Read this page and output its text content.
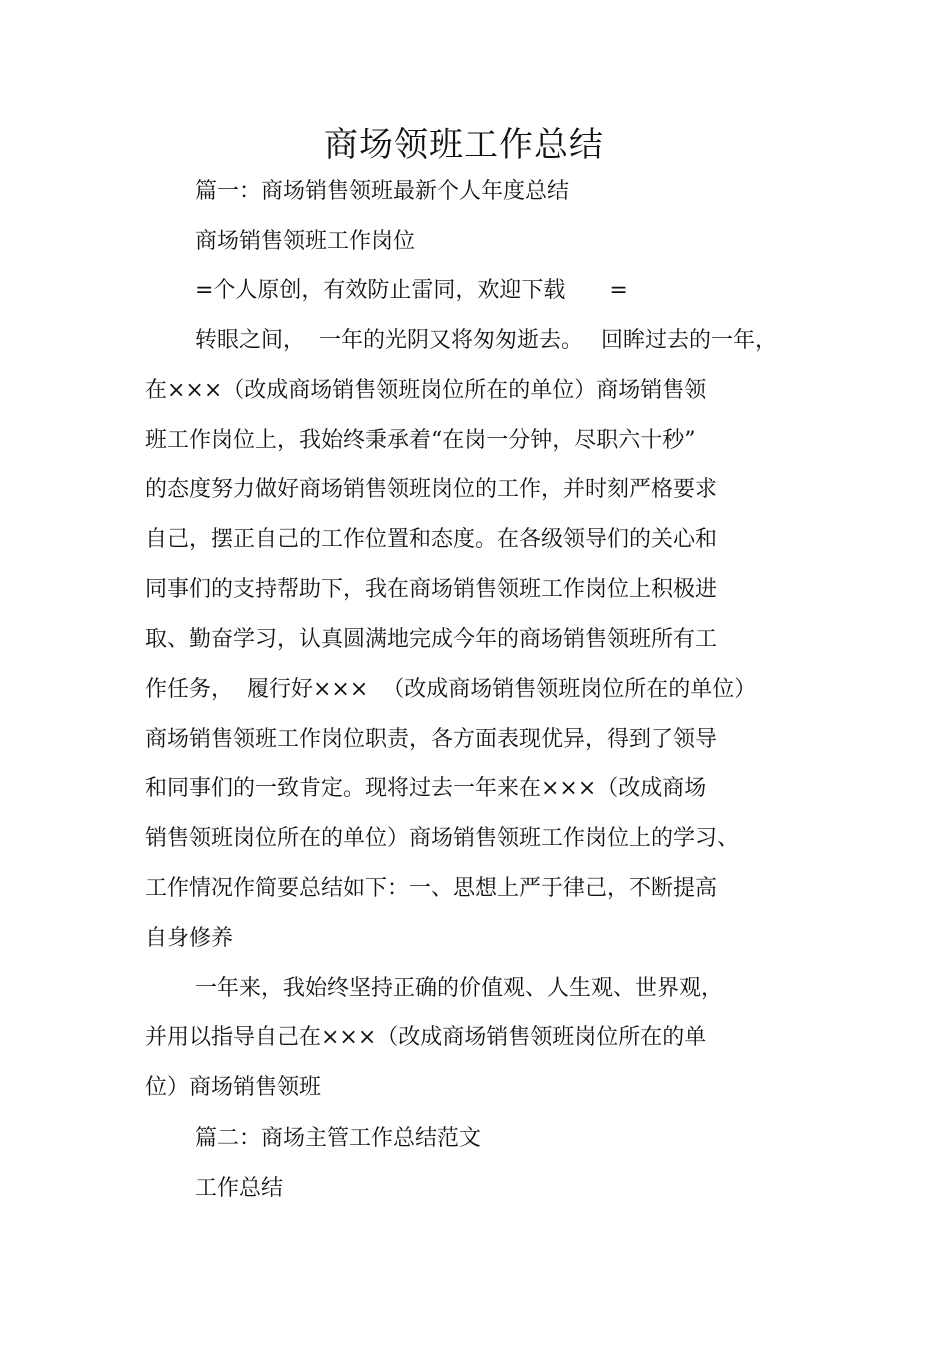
商场领班工作总结

篇一：商场销售领班最新个人年度总结

商场销售领班工作岗位

=个人原创，有效防止雷同，欢迎下载　　=

转眼之间，  一年的光阴又将匆匆逝去。　 回眸过去的一年，

在×××（改成商场销售领班岗位所在的单位）商场销售领

班工作岗位上，我始终秉承着“在岗一分钟，尽职六十秒”

的态度努力做好商场销售领班岗位的工作，并时刻严格要求

自己，摆正自己的工作位置和态度。在各级领导们的关心和

同事们的支持帮助下，我在商场销售领班工作岗位上积极进

取、勤奋学习，认真圆满地完成今年的商场销售领班所有工

作任务，  履行好×××  （改成商场销售领班岗位所在的单位）

商场销售领班工作岗位职责，各方面表现优异，得到了领导

和同事们的一致肯定。现将过去一年来在×××（改成商场

销售领班岗位所在的单位）商场销售领班工作岗位上的学习、

工作情况作简要总结如下：一、思想上严于律己，不断提高

自身修养

一年来，我始终坚持正确的价值观、人生观、世界观，

并用以指导自己在×××（改成商场销售领班岗位所在的单

位）商场销售领班

篇二：商场主管工作总结范文

工作总结
